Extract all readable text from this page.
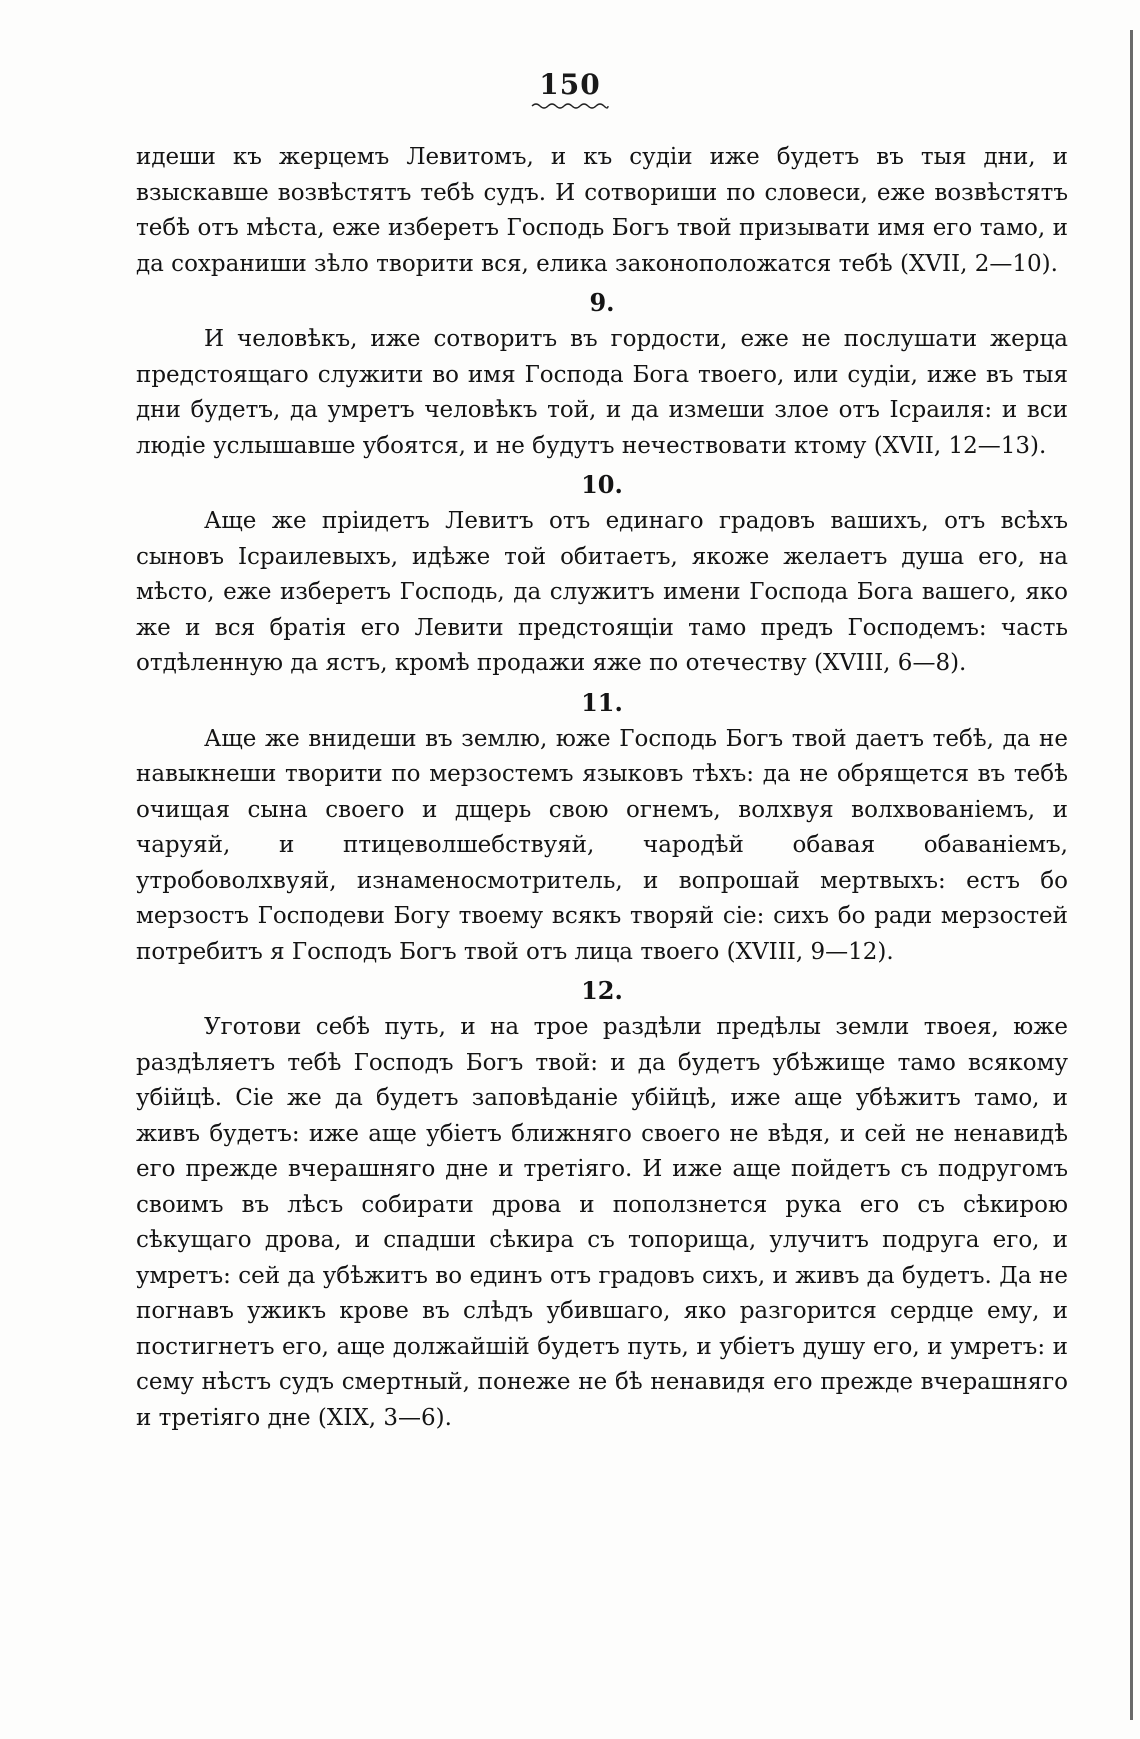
150

идеши къ жерцемъ Левитомъ, и къ судіи иже будетъ въ тыя дни, и взыскавше возвѣстятъ тебѣ судъ. И сотвориши по словеси, еже возвѣстятъ тебѣ отъ мѣста, еже изберетъ Господь Богъ твой призывати имя его тамо, и да сохраниши зѣло творити вся, елика законоположатся тебѣ (XVII, 2—10).

9.

И человѣкъ, иже сотворитъ въ гордости, еже не послушати жерца предстоящаго служити во имя Господа Бога твоего, или судіи, иже въ тыя дни будетъ, да умретъ человѣкъ той, и да измеши злое отъ Ісраиля: и вси людіе услышавше убоятся, и не будутъ нечествовати ктому (XVII, 12—13).

10.

Аще же пріидетъ Левитъ отъ единаго градовъ вашихъ, отъ всѣхъ сыновъ Ісраилевыхъ, идѣже той обитаетъ, якоже желаетъ душа его, на мѣсто, еже изберетъ Господь, да служитъ имени Господа Бога вашего, яко же и вся братія его Левити предстоящіи тамо предъ Господемъ: часть отдѣленную да ястъ, кромѣ продажи яже по отечеству (XVIII, 6—8).

11.

Аще же внидеши въ землю, юже Господь Богъ твой даетъ тебѣ, да не навыкнеши творити по мерзостемъ языковъ тѣхъ: да не обрящется въ тебѣ очищая сына своего и дщерь свою огнемъ, волхвуя волхвованіемъ, и чаруяй, и птицеволшебствуяй, чародѣй обавая обаваніемъ, утробоволхвуяй, изнаменосмотритель, и вопрошай мертвыхъ: естъ бо мерзостъ Господеви Богу твоему всякъ творяй сіе: сихъ бо ради мерзостей потребитъ я Господъ Богъ твой отъ лица твоего (XVIII, 9—12).

12.

Уготови себѣ путь, и на трое раздѣли предѣлы земли твоея, юже раздѣляетъ тебѣ Господъ Богъ твой: и да будетъ убѣжище тамо всякому убійцѣ. Сіе же да будетъ заповѣданіе убійцѣ, иже аще убѣжитъ тамо, и живъ будетъ: иже аще убіетъ ближняго своего не вѣдя, и сей не ненавидѣ его прежде вчерашняго дне и третіяго. И иже аще пойдетъ съ подругомъ своимъ въ лѣсъ собирати дрова и поползнется рука его съ сѣкирою сѣкущаго дрова, и спадши сѣкира съ топорища, улучитъ подруга его, и умретъ: сей да убѣжитъ во единъ отъ градовъ сихъ, и живъ да будетъ. Да не погнавъ ужикъ крове въ слѣдъ убившаго, яко разгорится сердце ему, и постигнетъ его, аще должайшій будетъ путь, и убіетъ душу его, и умретъ: и сему нѣстъ судъ смертный, понеже не бѣ ненавидя его прежде вчерашняго и третіяго дне (XIX, 3—6).
